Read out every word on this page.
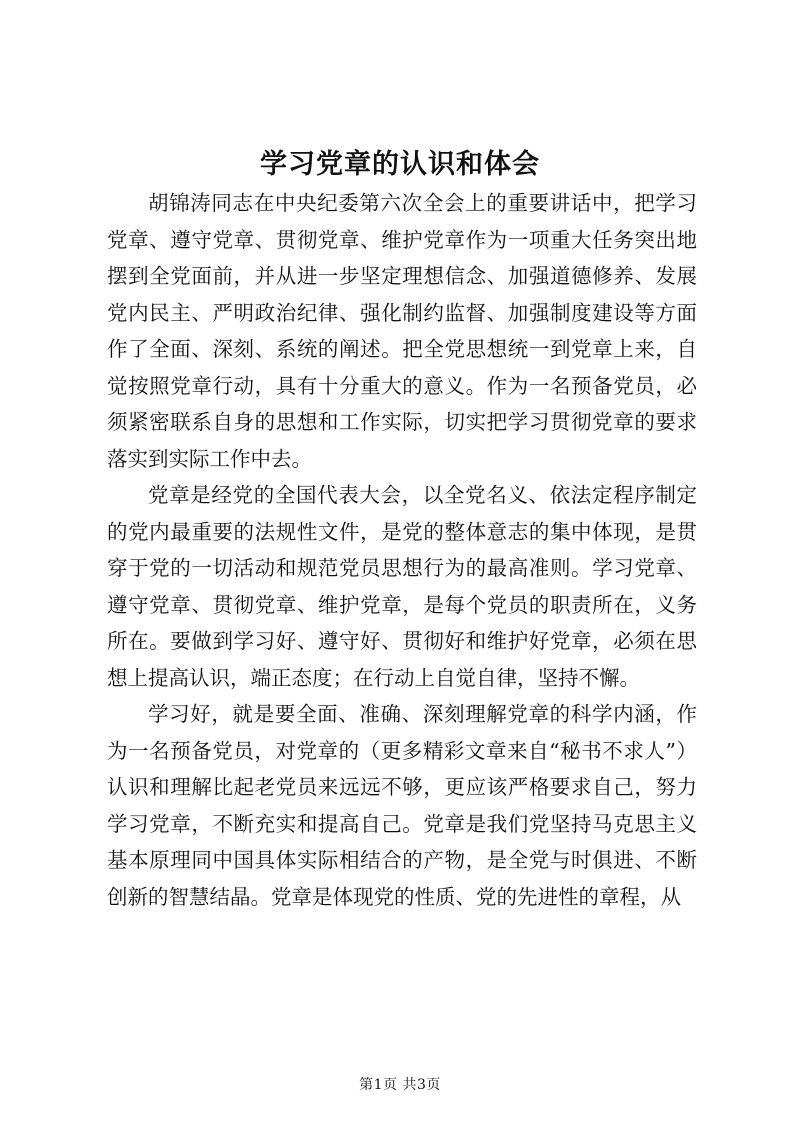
学习党章的认识和体会

胡锦涛同志在中央纪委第六次全会上的重要讲话中，把学习党章、遵守党章、贯彻党章、维护党章作为一项重大任务突出地摆到全党面前，并从进一步坚定理想信念、加强道德修养、发展党内民主、严明政治纪律、强化制约监督、加强制度建设等方面作了全面、深刻、系统的阐述。把全党思想统一到党章上来，自觉按照党章行动，具有十分重大的意义。作为一名预备党员，必须紧密联系自身的思想和工作实际，切实把学习贯彻党章的要求落实到实际工作中去。

党章是经党的全国代表大会，以全党名义、依法定程序制定的党内最重要的法规性文件，是党的整体意志的集中体现，是贯穿于党的一切活动和规范党员思想行为的最高准则。学习党章、遵守党章、贯彻党章、维护党章，是每个党员的职责所在，义务所在。要做到学习好、遵守好、贯彻好和维护好党章，必须在思想上提高认识，端正态度；在行动上自觉自律，坚持不懈。

学习好，就是要全面、准确、深刻理解党章的科学内涵，作为一名预备党员，对党章的（更多精彩文章来自“秘书不求人”）认识和理解比起老党员来远远不够，更应该严格要求自己，努力学习党章，不断充实和提高自己。党章是我们党坚持马克思主义基本原理同中国具体实际相结合的产物，是全党与时俱进、不断创新的智慧结晶。党章是体现党的性质、党的先进性的章程，从

第1页 共3页
